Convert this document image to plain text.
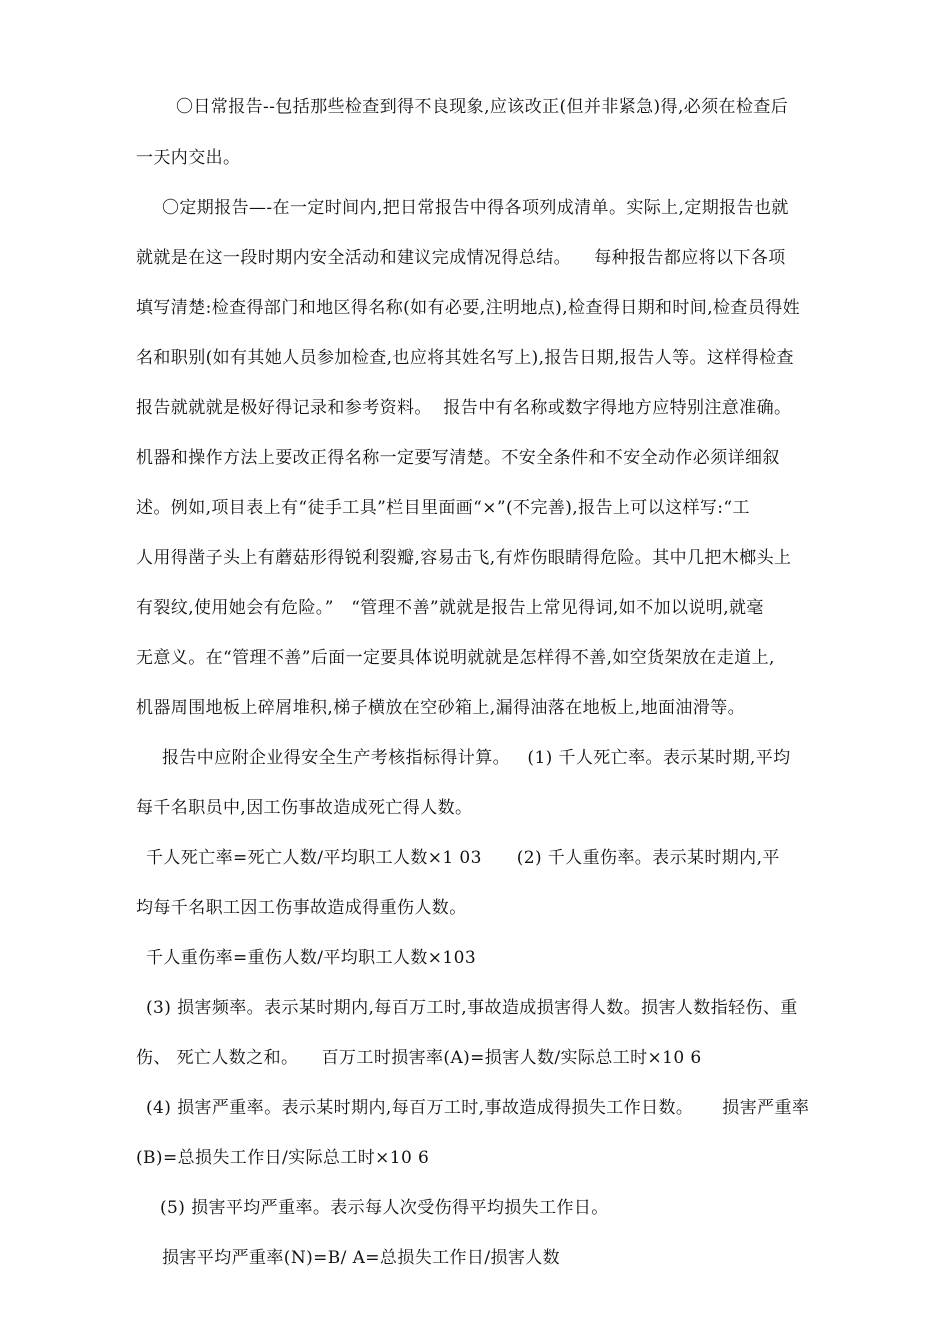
〇日常报告--包括那些检查到得不良现象,应该改正(但并非紧急)得,必须在检查后
一天内交出。
〇定期报告—-在一定时间内,把日常报告中得各项列成清单。实际上,定期报告也就
就就是在这一段时期内安全活动和建议完成情况得总结。    每种报告都应将以下各项
填写清楚:检查得部门和地区得名称(如有必要,注明地点),检查得日期和时间,检查员得姓
名和职别(如有其她人员参加检查,也应将其姓名写上),报告日期,报告人等。这样得检查
报告就就就是极好得记录和参考资料。  报告中有名称或数字得地方应特别注意准确。
机器和操作方法上要改正得名称一定要写清楚。不安全条件和不安全动作必须详细叙
述。例如,项目表上有“徒手工具”栏目里面画“×”(不完善),报告上可以这样写:“工
人用得凿子头上有蘑菇形得锐利裂瓣,容易击飞,有炸伤眼睛得危险。其中几把木榔头上
有裂纹,使用她会有危险。”   “管理不善”就就是报告上常见得词,如不加以说明,就毫
无意义。在“管理不善”后面一定要具体说明就就是怎样得不善,如空货架放在走道上,
机器周围地板上碎屑堆积,梯子横放在空砂箱上,漏得油落在地板上,地面油滑等。
报告中应附企业得安全生产考核指标得计算。   (1) 千人死亡率。表示某时期,平均
每千名职员中,因工伤事故造成死亡得人数。
千人死亡率=死亡人数/平均职工人数×1 03      (2) 千人重伤率。表示某时期内,平
均每千名职工因工伤事故造成得重伤人数。
千人重伤率=重伤人数/平均职工人数×103
(3) 损害频率。表示某时期内,每百万工时,事故造成损害得人数。损害人数指轻伤、重
伤、 死亡人数之和。    百万工时损害率(A)=损害人数/实际总工时×10 6
(4) 损害严重率。表示某时期内,每百万工时,事故造成得损失工作日数。     损害严重率
(B)=总损失工作日/实际总工时×10 6
(5) 损害平均严重率。表示每人次受伤得平均损失工作日。
损害平均严重率(N)=B/ A=总损失工作日/损害人数
